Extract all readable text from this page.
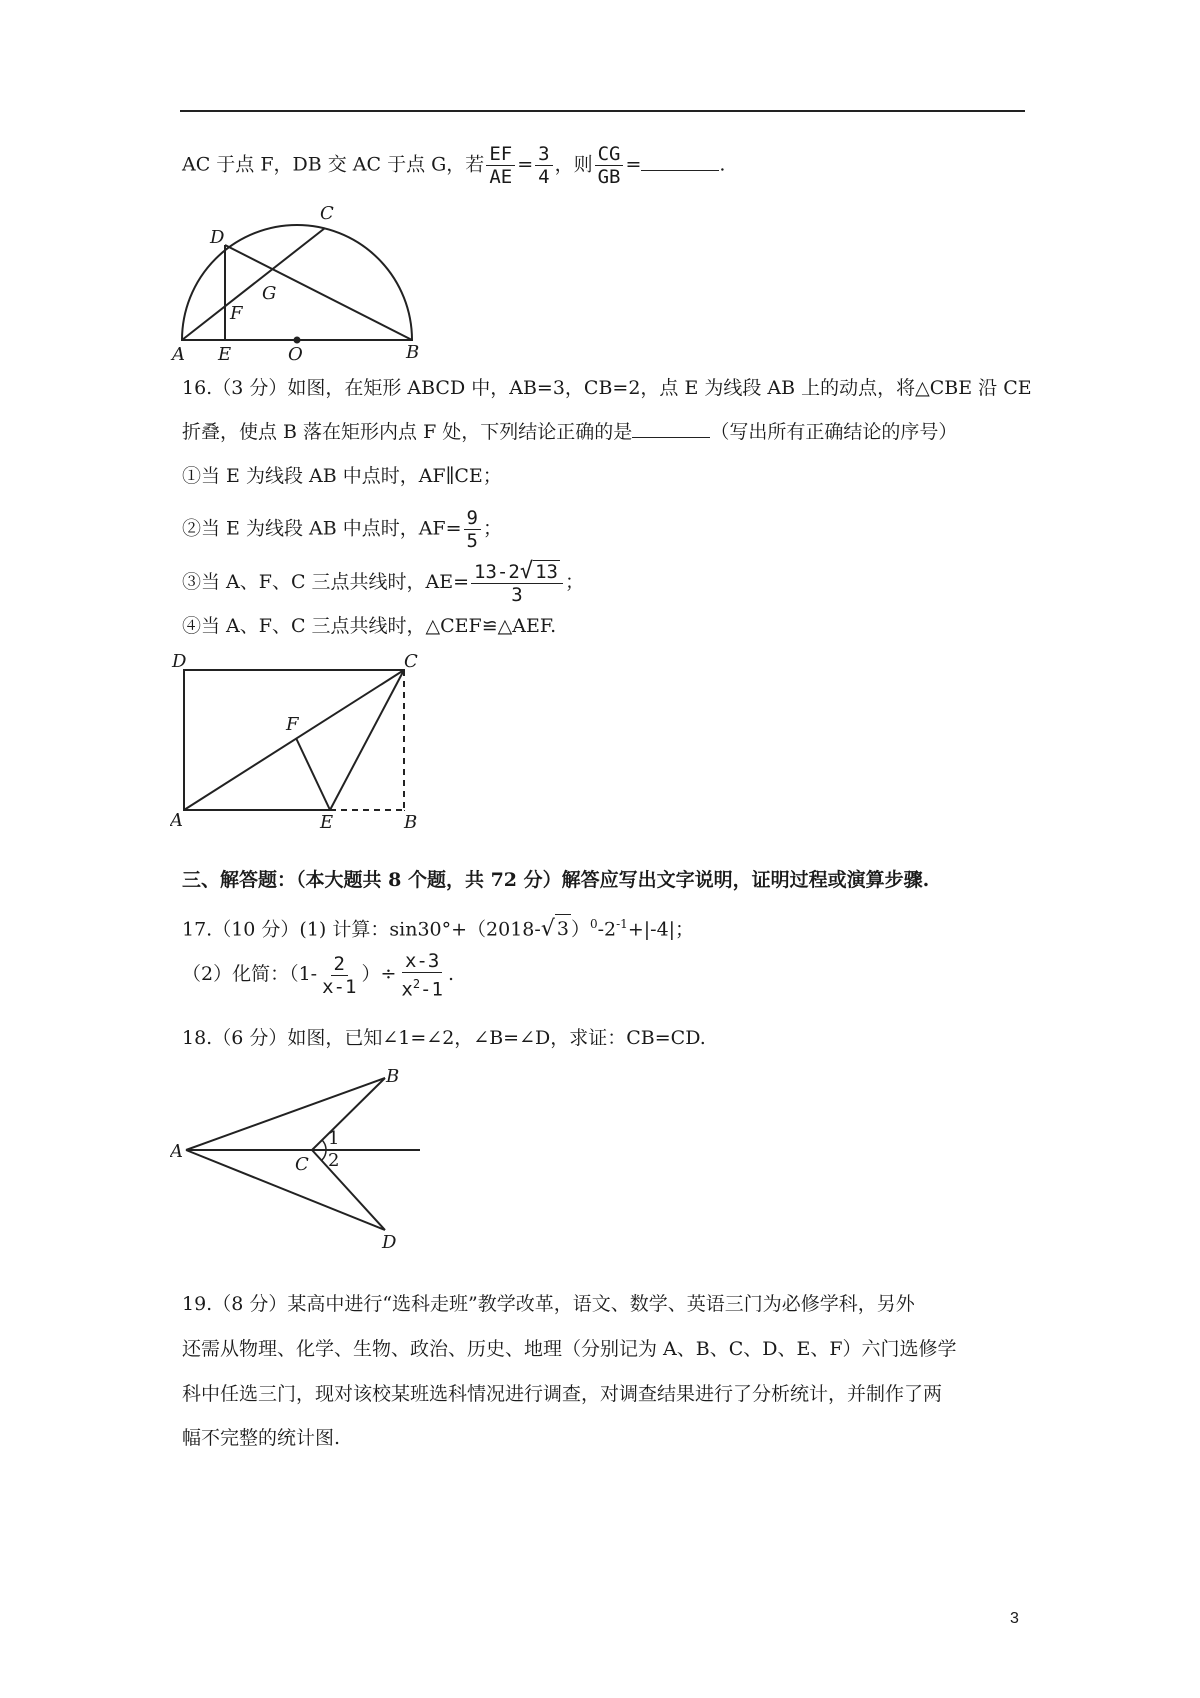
AC 于点 F，DB 交 AC 于点 G，若 $\frac{EF}{AE} = \frac{3}{4}$ ，则 $\frac{CG}{GB}$ =	.
D
C
G
F
A E	O	B
16.（3 分）如图，在矩形 ABCD 中，AB=3，CB=2，点 E 为线段 AB 上的动点，将△CBE 沿 CE
折叠，使点 B 落在矩形内点 F 处，下列结论正确的是	（写出所有正确结论的序号）
①当 E 为线段 AB 中点时，AF∥CE；
②当 E 为线段 AB 中点时，$AF= \frac{9}{5}$ ；
③当 A、F、C 三点共线时，$AE= \frac{13-2√ 13}{3}$ ；
④当 A、F、C 三点共线时，△CEF≌△AEF.
D	C
F
A	E	B
三、解答题：（本大题共 8 个题，共 72 分）解答应写出文字说明，证明过程或演算步骤.
17.（10 分）(1) 计算：sin30°+（2018-√ 3 ）$^0-2^{-1}+|-4|$；
（2）化简：（$1- \frac{2}{x-1}$ ）÷ $\frac{x-3}{x^2-1}$ .
18.（6 分）如图，已知∠1=∠2，∠B=∠D，求证：CB=CD.
A
B
C
D
1
2
19.（8 分）某高中进行“选科走班”教学改革，语文、数学、英语三门为必修学科，另外
还需从物理、化学、生物、政治、历史、地理（分别记为 A、B、C、D、E、F）六门选修学
科中任选三门，现对该校某班选科情况进行调查，对调查结果进行了分析统计，并制作了两
幅不完整的统计图.
3
